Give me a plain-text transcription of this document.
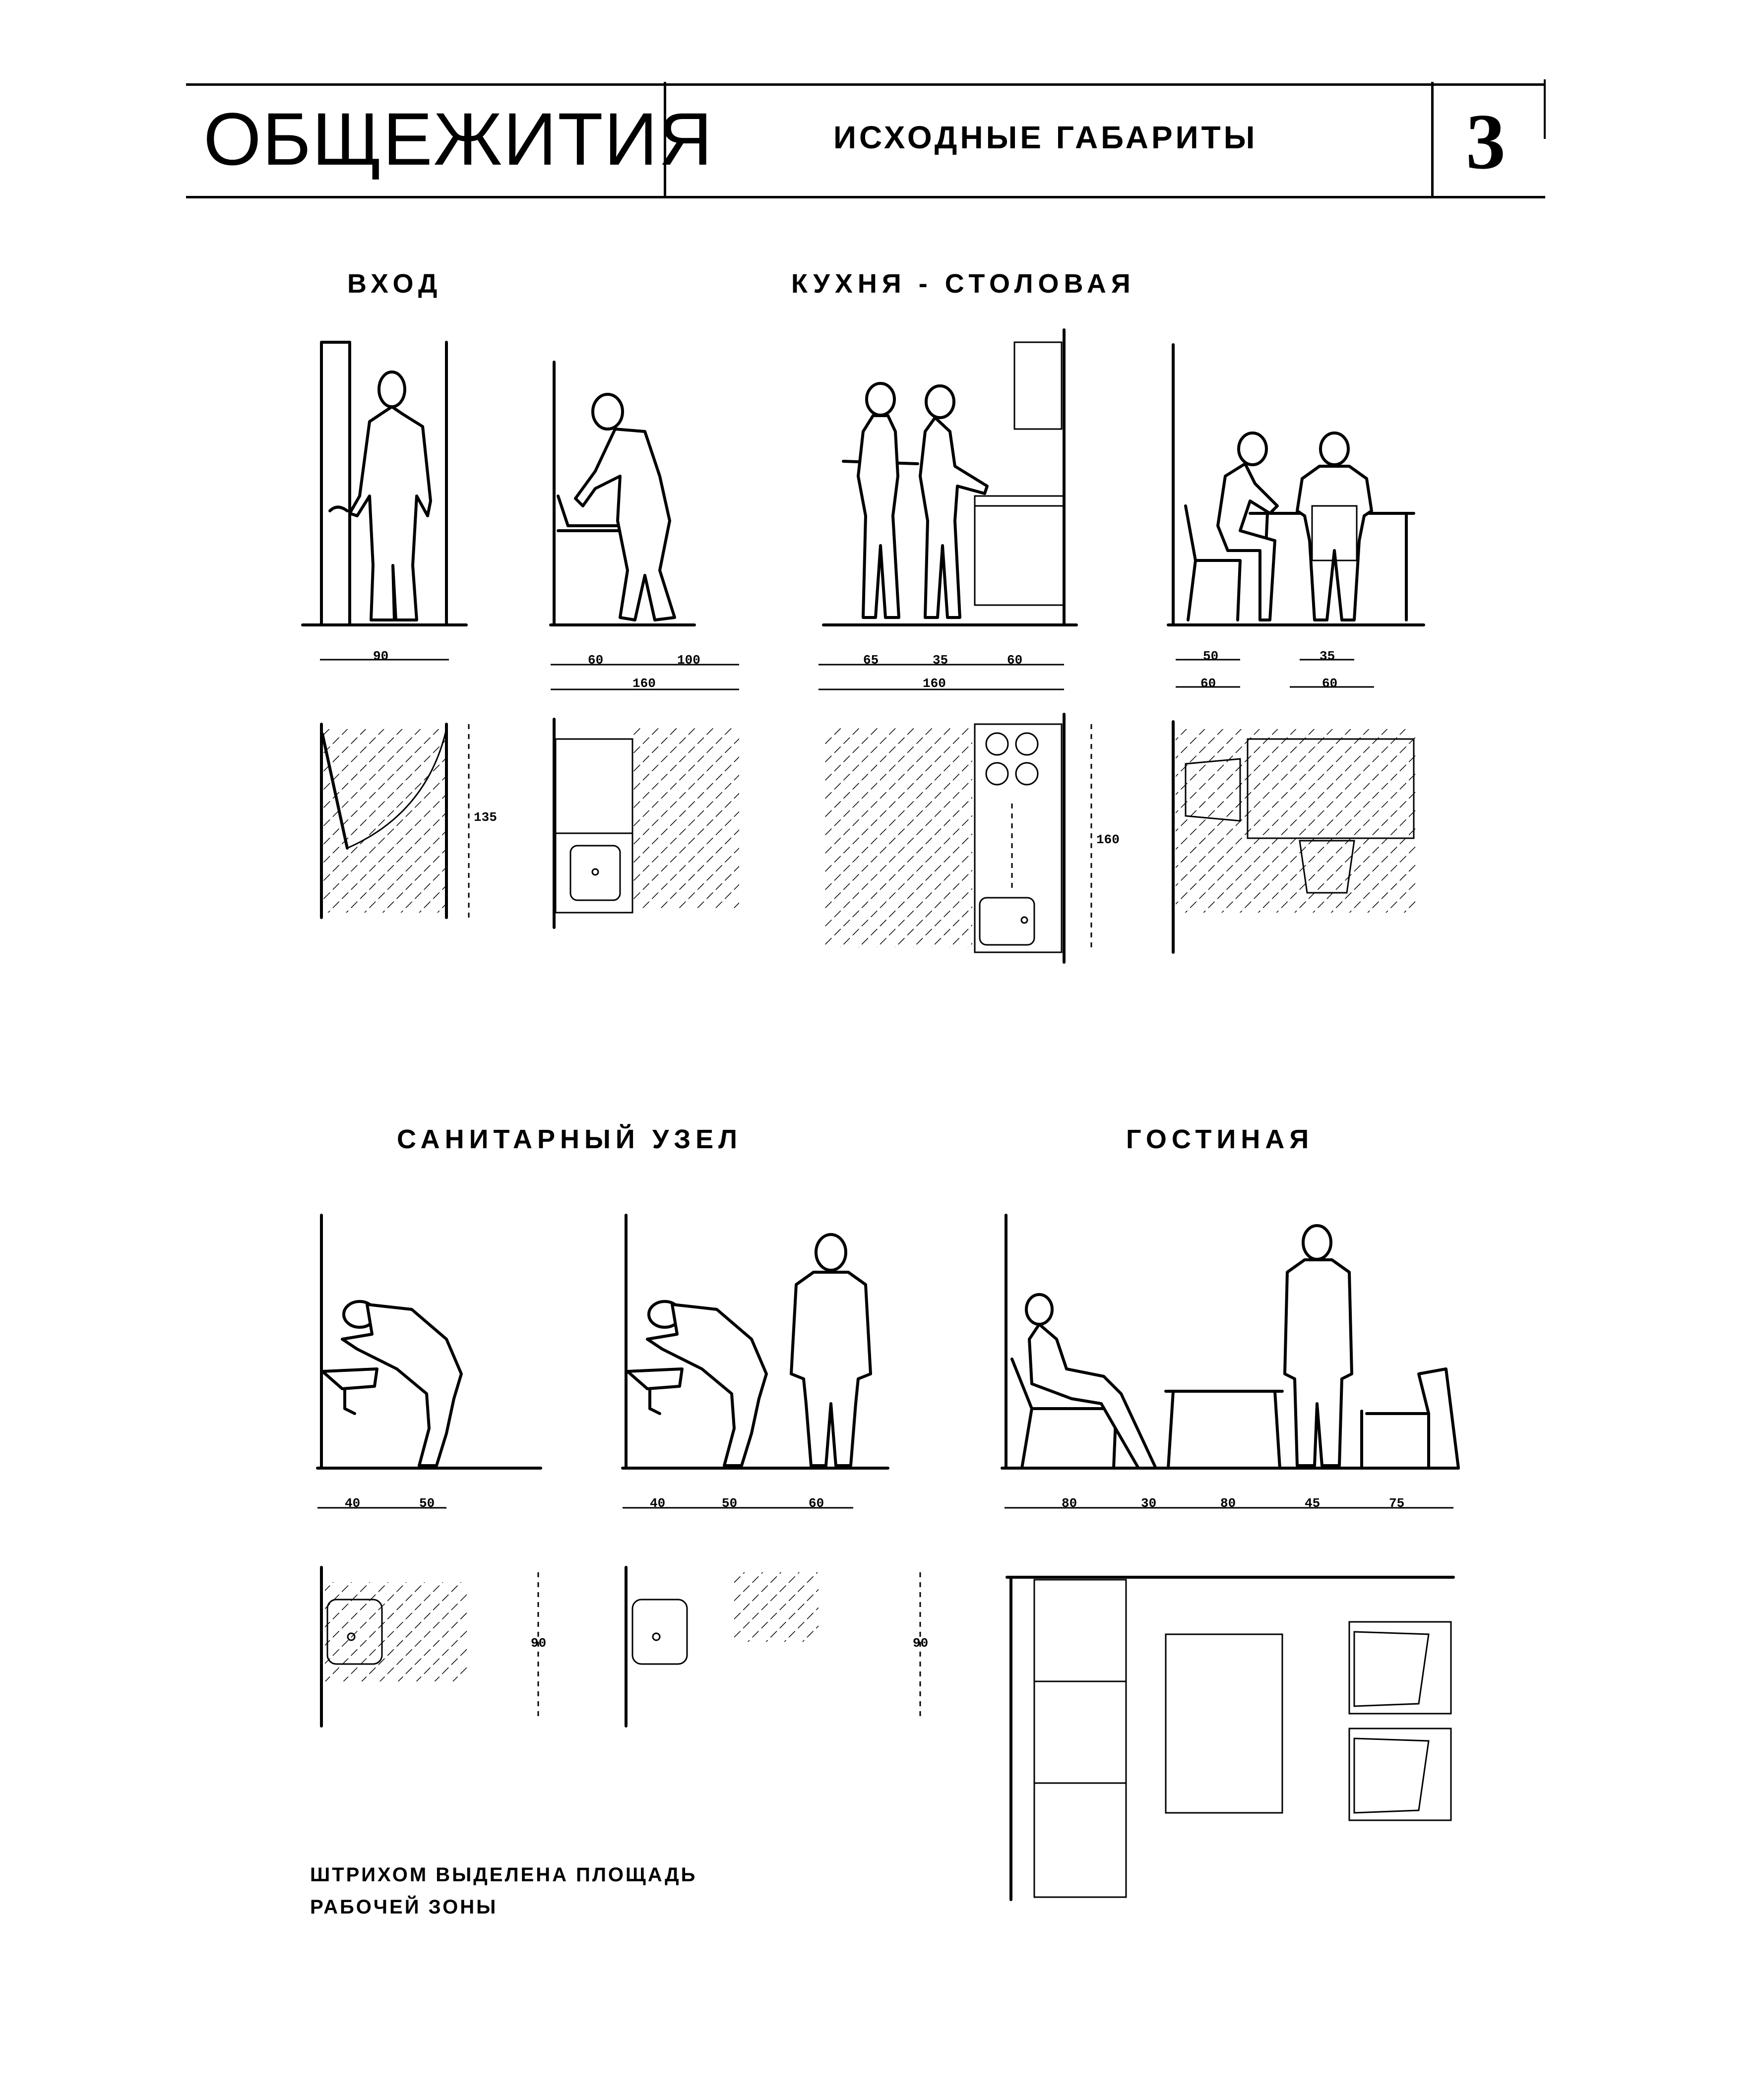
ОБЩЕЖИТИЯ	ИСХОДНЫЕ ГАБАРИТЫ	3
ВХОД	КУХНЯ - СТОЛОВАЯ
САНИТАРНЫЙ УЗЕЛ	ГОСТИНАЯ
90
135
60	100
160
65	35	60
160
160
50
60
35
60
40	50
90
40	50	60
90
80	30	80	45	75
ШТРИХОМ ВЫДЕЛЕНА ПЛОЩАДЬ
РАБОЧЕЙ ЗОНЫ
